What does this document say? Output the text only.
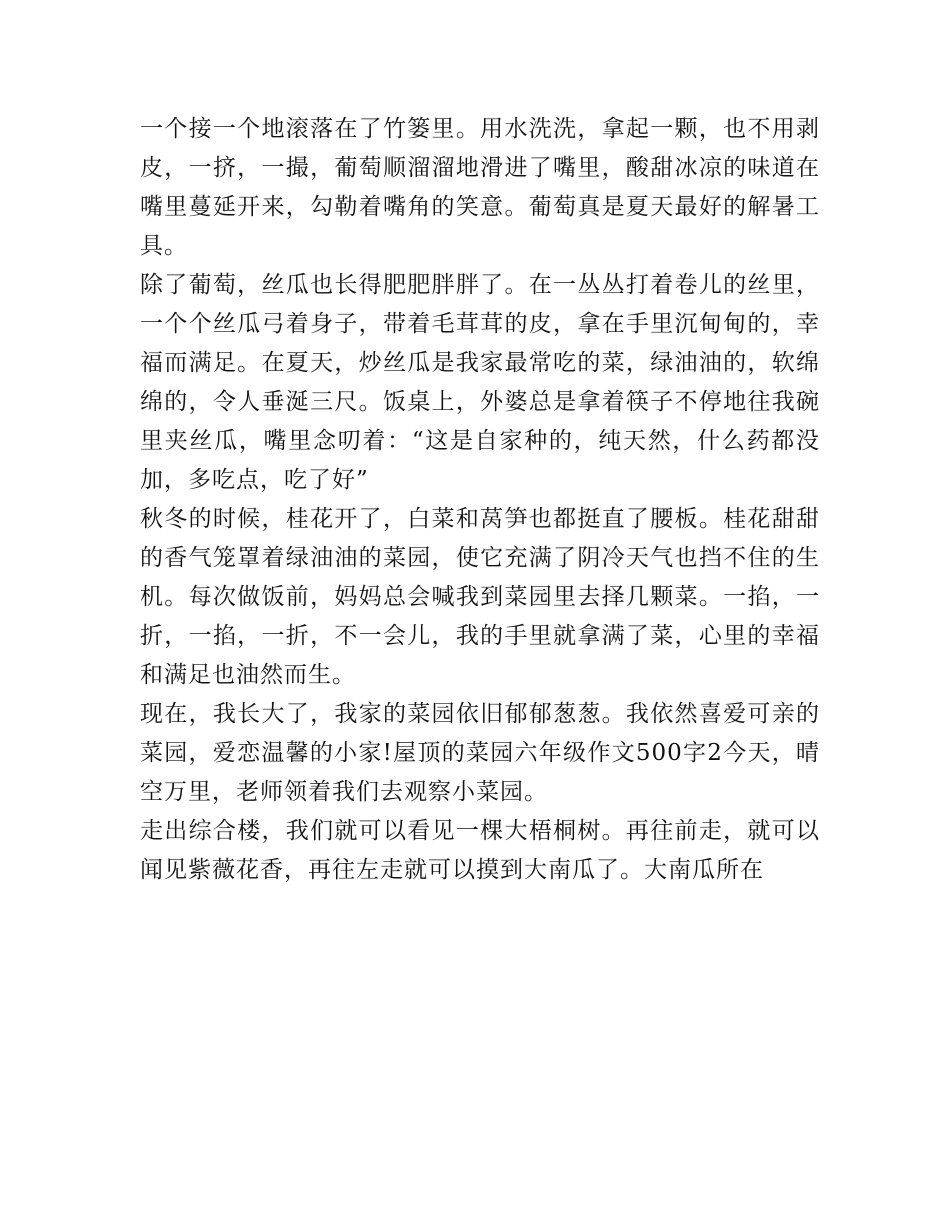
一个接一个地滚落在了竹篓里。用水洗洗，拿起一颗，也不用剥皮，一挤，一撮，葡萄顺溜溜地滑进了嘴里，酸甜冰凉的味道在嘴里蔓延开来，勾勒着嘴角的笑意。葡萄真是夏天最好的解暑工具。

除了葡萄，丝瓜也长得肥肥胖胖了。在一丛丛打着卷儿的丝里，一个个丝瓜弓着身子，带着毛茸茸的皮，拿在手里沉甸甸的，幸福而满足。在夏天，炒丝瓜是我家最常吃的菜，绿油油的，软绵绵的，令人垂涎三尺。饭桌上，外婆总是拿着筷子不停地往我碗里夹丝瓜，嘴里念叨着：“这是自家种的，纯天然，什么药都没加，多吃点，吃了好”

秋冬的时候，桂花开了，白菜和莴笋也都挺直了腰板。桂花甜甜的香气笼罩着绿油油的菜园，使它充满了阴冷天气也挡不住的生机。每次做饭前，妈妈总会喊我到菜园里去择几颗菜。一掐，一折，一掐，一折，不一会儿，我的手里就拿满了菜，心里的幸福和满足也油然而生。

现在，我长大了，我家的菜园依旧郁郁葱葱。我依然喜爱可亲的菜园，爱恋温馨的小家!屋顶的菜园六年级作文500字2今天，晴空万里，老师领着我们去观察小菜园。

走出综合楼，我们就可以看见一棵大梧桐树。再往前走，就可以闻见紫薇花香，再往左走就可以摸到大南瓜了。大南瓜所在
